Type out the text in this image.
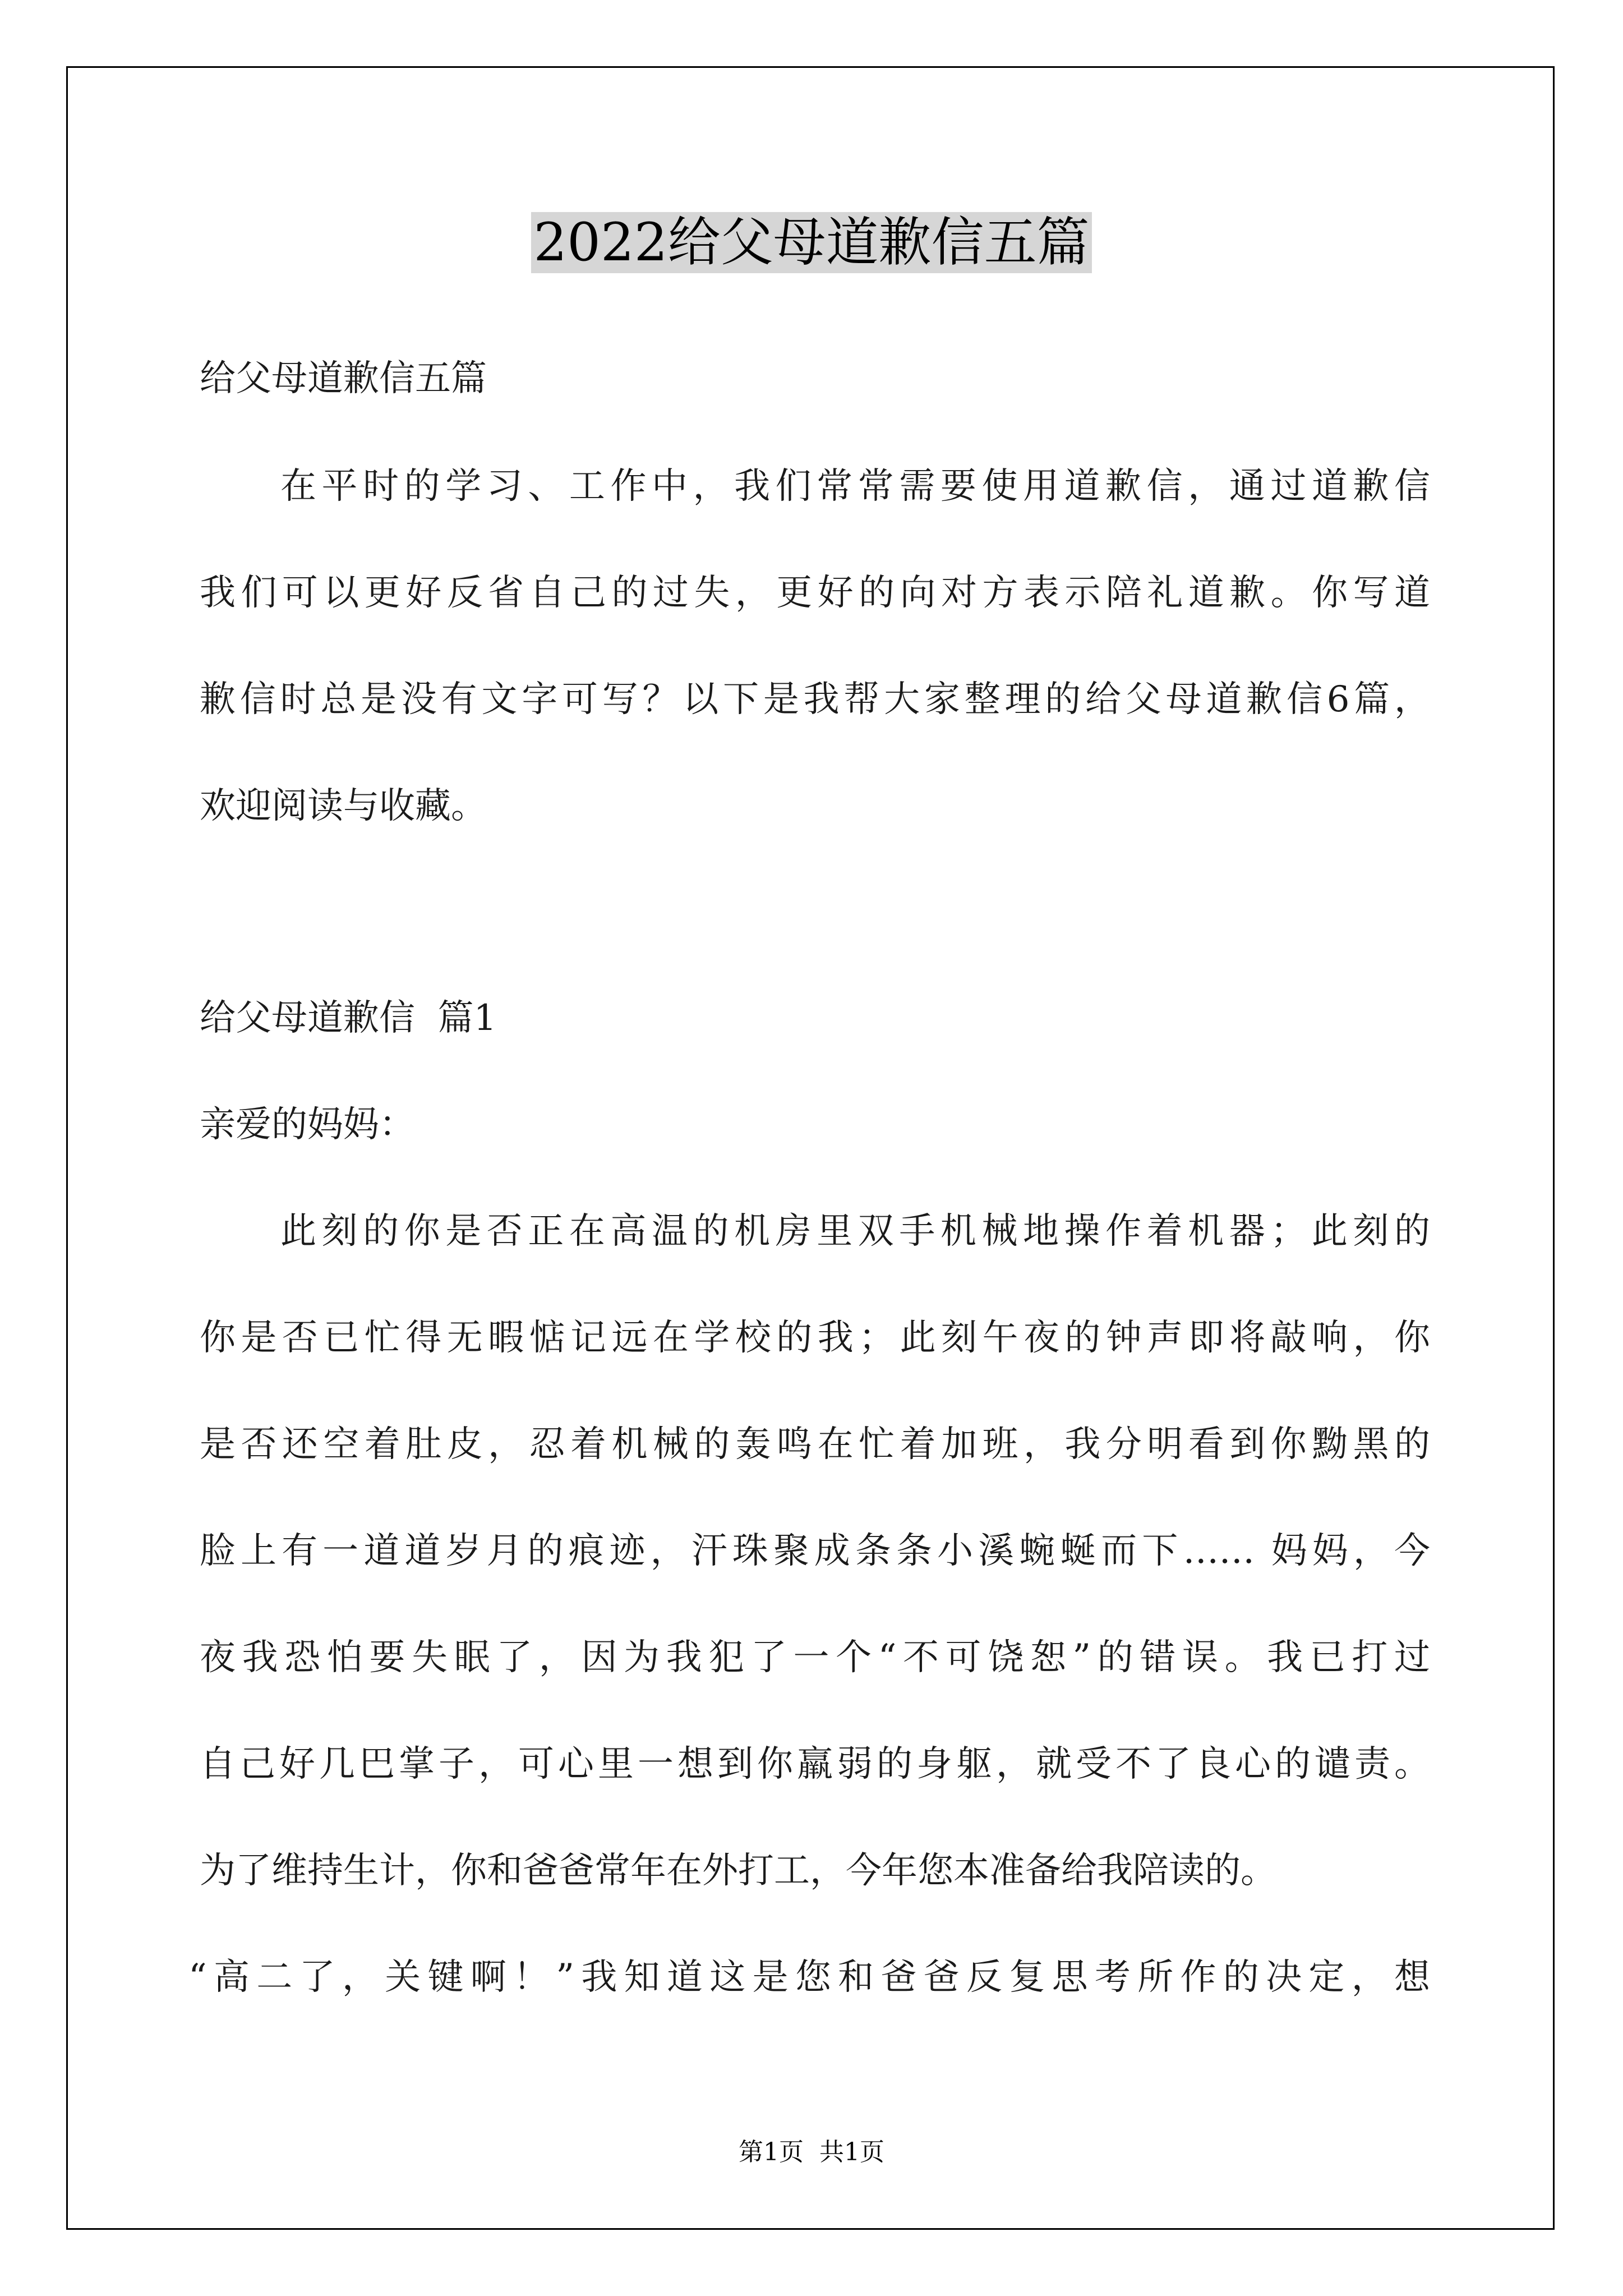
2022给父母道歉信五篇

给父母道歉信五篇

在平时的学习、工作中，我们常常需要使用道歉信，通过道歉信

我们可以更好反省自己的过失，更好的向对方表示陪礼道歉。你写道

歉信时总是没有文字可写？以下是我帮大家整理的给父母道歉信6篇，

欢迎阅读与收藏。

给父母道歉信  篇1

亲爱的妈妈：

此刻的你是否正在高温的机房里双手机械地操作着机器；此刻的

你是否已忙得无暇惦记远在学校的我；此刻午夜的钟声即将敲响，你

是否还空着肚皮，忍着机械的轰鸣在忙着加班，我分明看到你黝黑的

脸上有一道道岁月的痕迹，汗珠聚成条条小溪蜿蜒而下…… 妈妈，今

夜我恐怕要失眠了，因为我犯了一个“不可饶恕”的错误。我已打过

自己好几巴掌子，可心里一想到你羸弱的身躯，就受不了良心的谴责。

为了维持生计，你和爸爸常年在外打工，今年您本准备给我陪读的。

“高二了，关键啊！”我知道这是您和爸爸反复思考所作的决定，想

第1页 共1页
